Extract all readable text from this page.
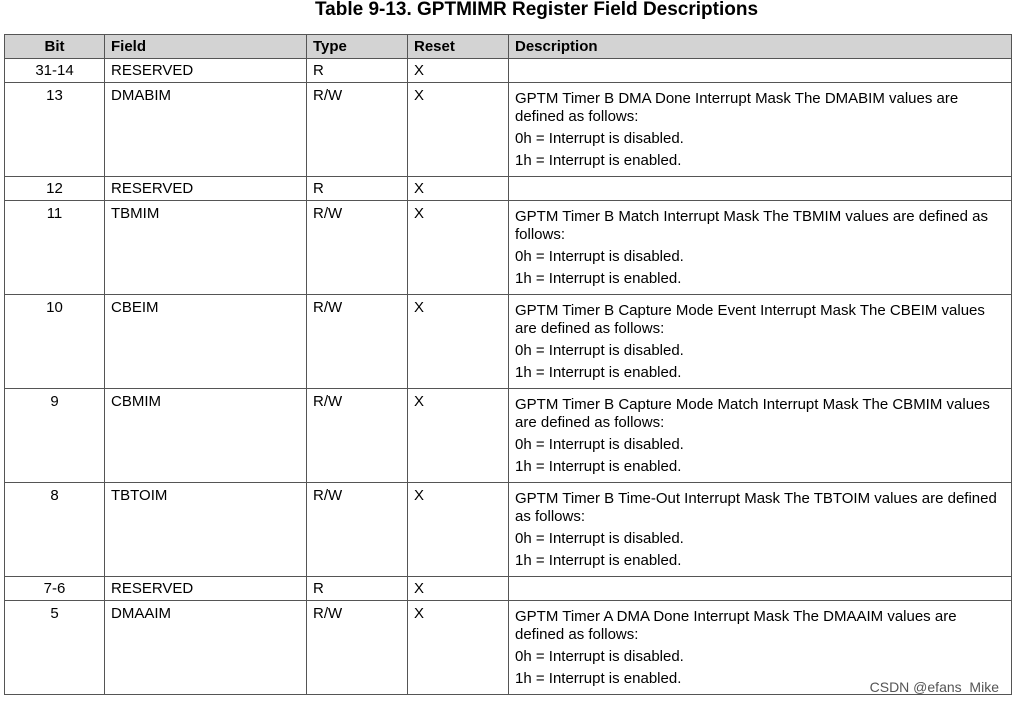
Table 9-13. GPTMIMR Register Field Descriptions
Bit	Field	Type	Reset	Description
31-14	RESERVED	R	X	
13	DMABIM	R/W	X	GPTM Timer B DMA Done Interrupt Mask The DMABIM values are defined as follows:
0h = Interrupt is disabled.
1h = Interrupt is enabled.

12	RESERVED	R	X	
11	TBMIM	R/W	X	GPTM Timer B Match Interrupt Mask The TBMIM values are defined as follows:
0h = Interrupt is disabled.
1h = Interrupt is enabled.

10	CBEIM	R/W	X	GPTM Timer B Capture Mode Event Interrupt Mask The CBEIM values are defined as follows:
0h = Interrupt is disabled.
1h = Interrupt is enabled.

9	CBMIM	R/W	X	GPTM Timer B Capture Mode Match Interrupt Mask The CBMIM values are defined as follows:
0h = Interrupt is disabled.
1h = Interrupt is enabled.

8	TBTOIM	R/W	X	GPTM Timer B Time-Out Interrupt Mask The TBTOIM values are defined as follows:
0h = Interrupt is disabled.
1h = Interrupt is enabled.

7-6	RESERVED	R	X	
5	DMAAIM	R/W	X	GPTM Timer A DMA Done Interrupt Mask The DMAAIM values are defined as follows:
0h = Interrupt is disabled.
1h = Interrupt is enabled.	CSDN @efans_Mike
